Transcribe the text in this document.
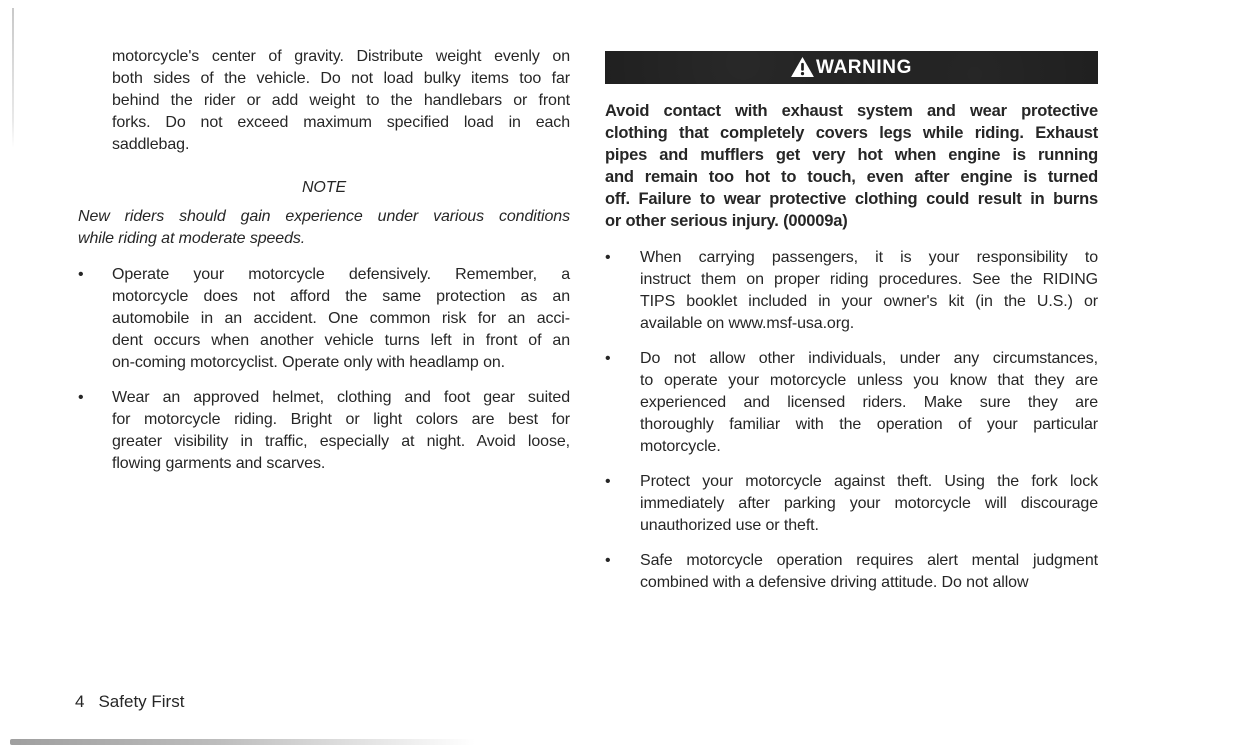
motorcycle's center of gravity. Distribute weight evenly on
both sides of the vehicle. Do not load bulky items too far
behind the rider or add weight to the handlebars or front
forks. Do not exceed maximum specified load in each
saddlebag.
NOTE
New riders should gain experience under various conditions
while riding at moderate speeds.
•	Operate your motorcycle defensively. Remember, a
motorcycle does not afford the same protection as an
automobile in an accident. One common risk for an acci-
dent occurs when another vehicle turns left in front of an
on-coming motorcyclist. Operate only with headlamp on.
•	Wear an approved helmet, clothing and foot gear suited
for motorcycle riding. Bright or light colors are best for
greater visibility in traffic, especially at night. Avoid loose,
flowing garments and scarves.
WARNING
Avoid contact with exhaust system and wear protective
clothing that completely covers legs while riding. Exhaust
pipes and mufflers get very hot when engine is running
and remain too hot to touch, even after engine is turned
off. Failure to wear protective clothing could result in burns
or other serious injury. (00009a)
•	When carrying passengers, it is your responsibility to
instruct them on proper riding procedures. See the RIDING
TIPS booklet included in your owner's kit (in the U.S.) or
available on www.msf-usa.org.
•	Do not allow other individuals, under any circumstances,
to operate your motorcycle unless you know that they are
experienced and licensed riders. Make sure they are
thoroughly familiar with the operation of your particular
motorcycle.
•	Protect your motorcycle against theft. Using the fork lock
immediately after parking your motorcycle will discourage
unauthorized use or theft.
•	Safe motorcycle operation requires alert mental judgment
combined with a defensive driving attitude. Do not allow
4 Safety First
